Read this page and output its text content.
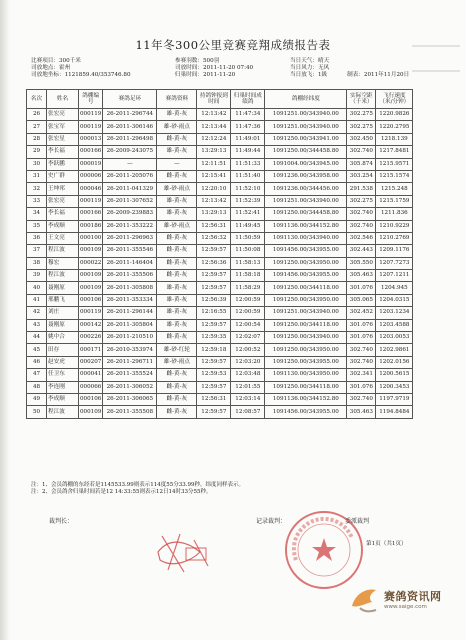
11年冬300公里竞赛竞翔成绩报告表
比赛项目：300千米
司放地点：霍州
司放地坐标：1121859.40/353746.80
参赛羽数：500羽
司放时间：2011-11-20 07:40
归巢时间：2011-11-20
当日天气：晴天
当日风力：无风
当日放飞：1級	制表：2011年11月20日
名次	姓名	鸽棚编号	赛鸽足环	赛鸽资料	持鸽钟报到时间	归巢时间成绩鸽	鸽棚经纬度	实际空距（千米）	飞行速度（米/分钟）
26	张宏亮	000119	26-2011-296744	雄-黄-灰	12:13:42	11:47:34	1091251.00/343940.00	302.275	1220.9826
27	张宝军	000119	26-2011-306146	雄-砂-雨点	12:13:44	11:47:36	1091251.00/343940.00	302.275	1220.2795
28	张宏星	000013	26-2011-296498	雌-黄-灰	12:12:24	11:49:01	1091250.00/343941.00	302.450	1218.139
29	李长福	000166	26-2009-243075	雄-黄-灰	13:29:13	11:49:44	1091250.00/344458.80	302.740	1217.8481
30	李跃鹏	000019	—	—	12:11:51	11:51:33	1091004.00/343945.00	305.874	1215.9571
31	史广群	000006	26-2011-205076	雌-黄-灰	12:15:41	11:51:40	1091236.00/343958.00	303.254	1215.1574
32	王坤邦	000046	26-2011-041329	雄-砂-雨点	12:20:10	11:52:10	1091236.00/344456.00	291.538	1215.248
33	张宏亮	000119	26-2011-307652	雄-黄-灰	12:13:42	11:52:39	1091251.00/343940.00	302.275	1215.1759
34	李长福	000166	26-2009-239883	雄-黄-灰	13:29:13	11:52:41	1091250.00/344458.80	302.740	1211.836
35	李成顺	000186	26-2011-353222	雄-砂-雨点	12:56:31	11:49:45	1091136.00/344152.80	302.740	1210.9229
36	王文亮	000100	26-2011-296963	雌-黄-灰	12:56:32	11:50:59	1091130.00/343940.00	302.546	1210.2769
37	程江波	000109	26-2011-355546	雌-黄-灰	12:59:57	11:50:08	1091456.00/343955.00	302.443	1209.1176
38	穆宏	000022	26-2011-146404	雌-黄-灰	12:56:36	11:58:13	1091250.00/343950.00	305.550	1207.7273
39	程江波	000109	26-2011-355506	雌-黄-灰	12:59:57	11:58:18	1091456.00/343955.00	305.463	1207.1211
40	聂刚原	000109	26-2011-305808	雄-黄-灰	12:59:57	11:58:29	1091250.00/344118.00	301.076	1204.945
41	邢鹏飞	000106	26-2011-353334	雄-黄-灰	12:56:39	12:00:59	1091250.00/343950.00	305.065	1204.0315
42	刘庄	000119	26-2011-296144	雄-黄-灰	12:16:55	12:00:59	1091251.00/343940.00	302.452	1203.1234
43	聂刚原	000142	26-2011-305804	雄-黄-灰	12:59:57	12:00:54	1091250.00/344118.00	301.076	1203.4588
44	姚中合	000226	26-2011-210510	雌-黄-灰	12:59:35	12:02:07	1091250.00/343940.00	301.076	1203.0053
45	田存	000171	26-2010-353974	雄-砂-红轮	12:59:18	12:00:52	1091250.00/343950.00	302.740	1202.9861
46	赵安虎	000207	26-2011-296711	雄-砂-雨点	12:59:57	12:03:20	1091250.00/343955.00	302.740	1202.0156
47	任卫东	000041	26-2011-355524	雌-黄-灰	12:59:53	12:03:48	1091130.00/343950.00	302.341	1200.5615
48	李连刚	000066	26-2011-306052	雌-黄-灰	12:59:57	12:01:55	1091250.00/344118.00	301.076	1200.3453
49	李成顺	000106	26-2011-306065	雌-黄-灰	12:56:31	12:03:14	1091136.00/344152.80	302.740	1197.9719
50	程江波	000109	26-2011-355508	雌-黄-灰	12:59:57	12:08:57	1091456.00/343955.00	305.463	1194.8484
注：1、会员鸽棚的东经若是1145533.99则表示114度55分33.99秒。纬度同样表示。
注：2、会员鸽舍归巢时间若是12 14:33:55则表示12日14时33分55秒。
裁判长：	记录裁判：	委派裁判
第1页（共1页）
赛鸽资讯网
www.saige.com
